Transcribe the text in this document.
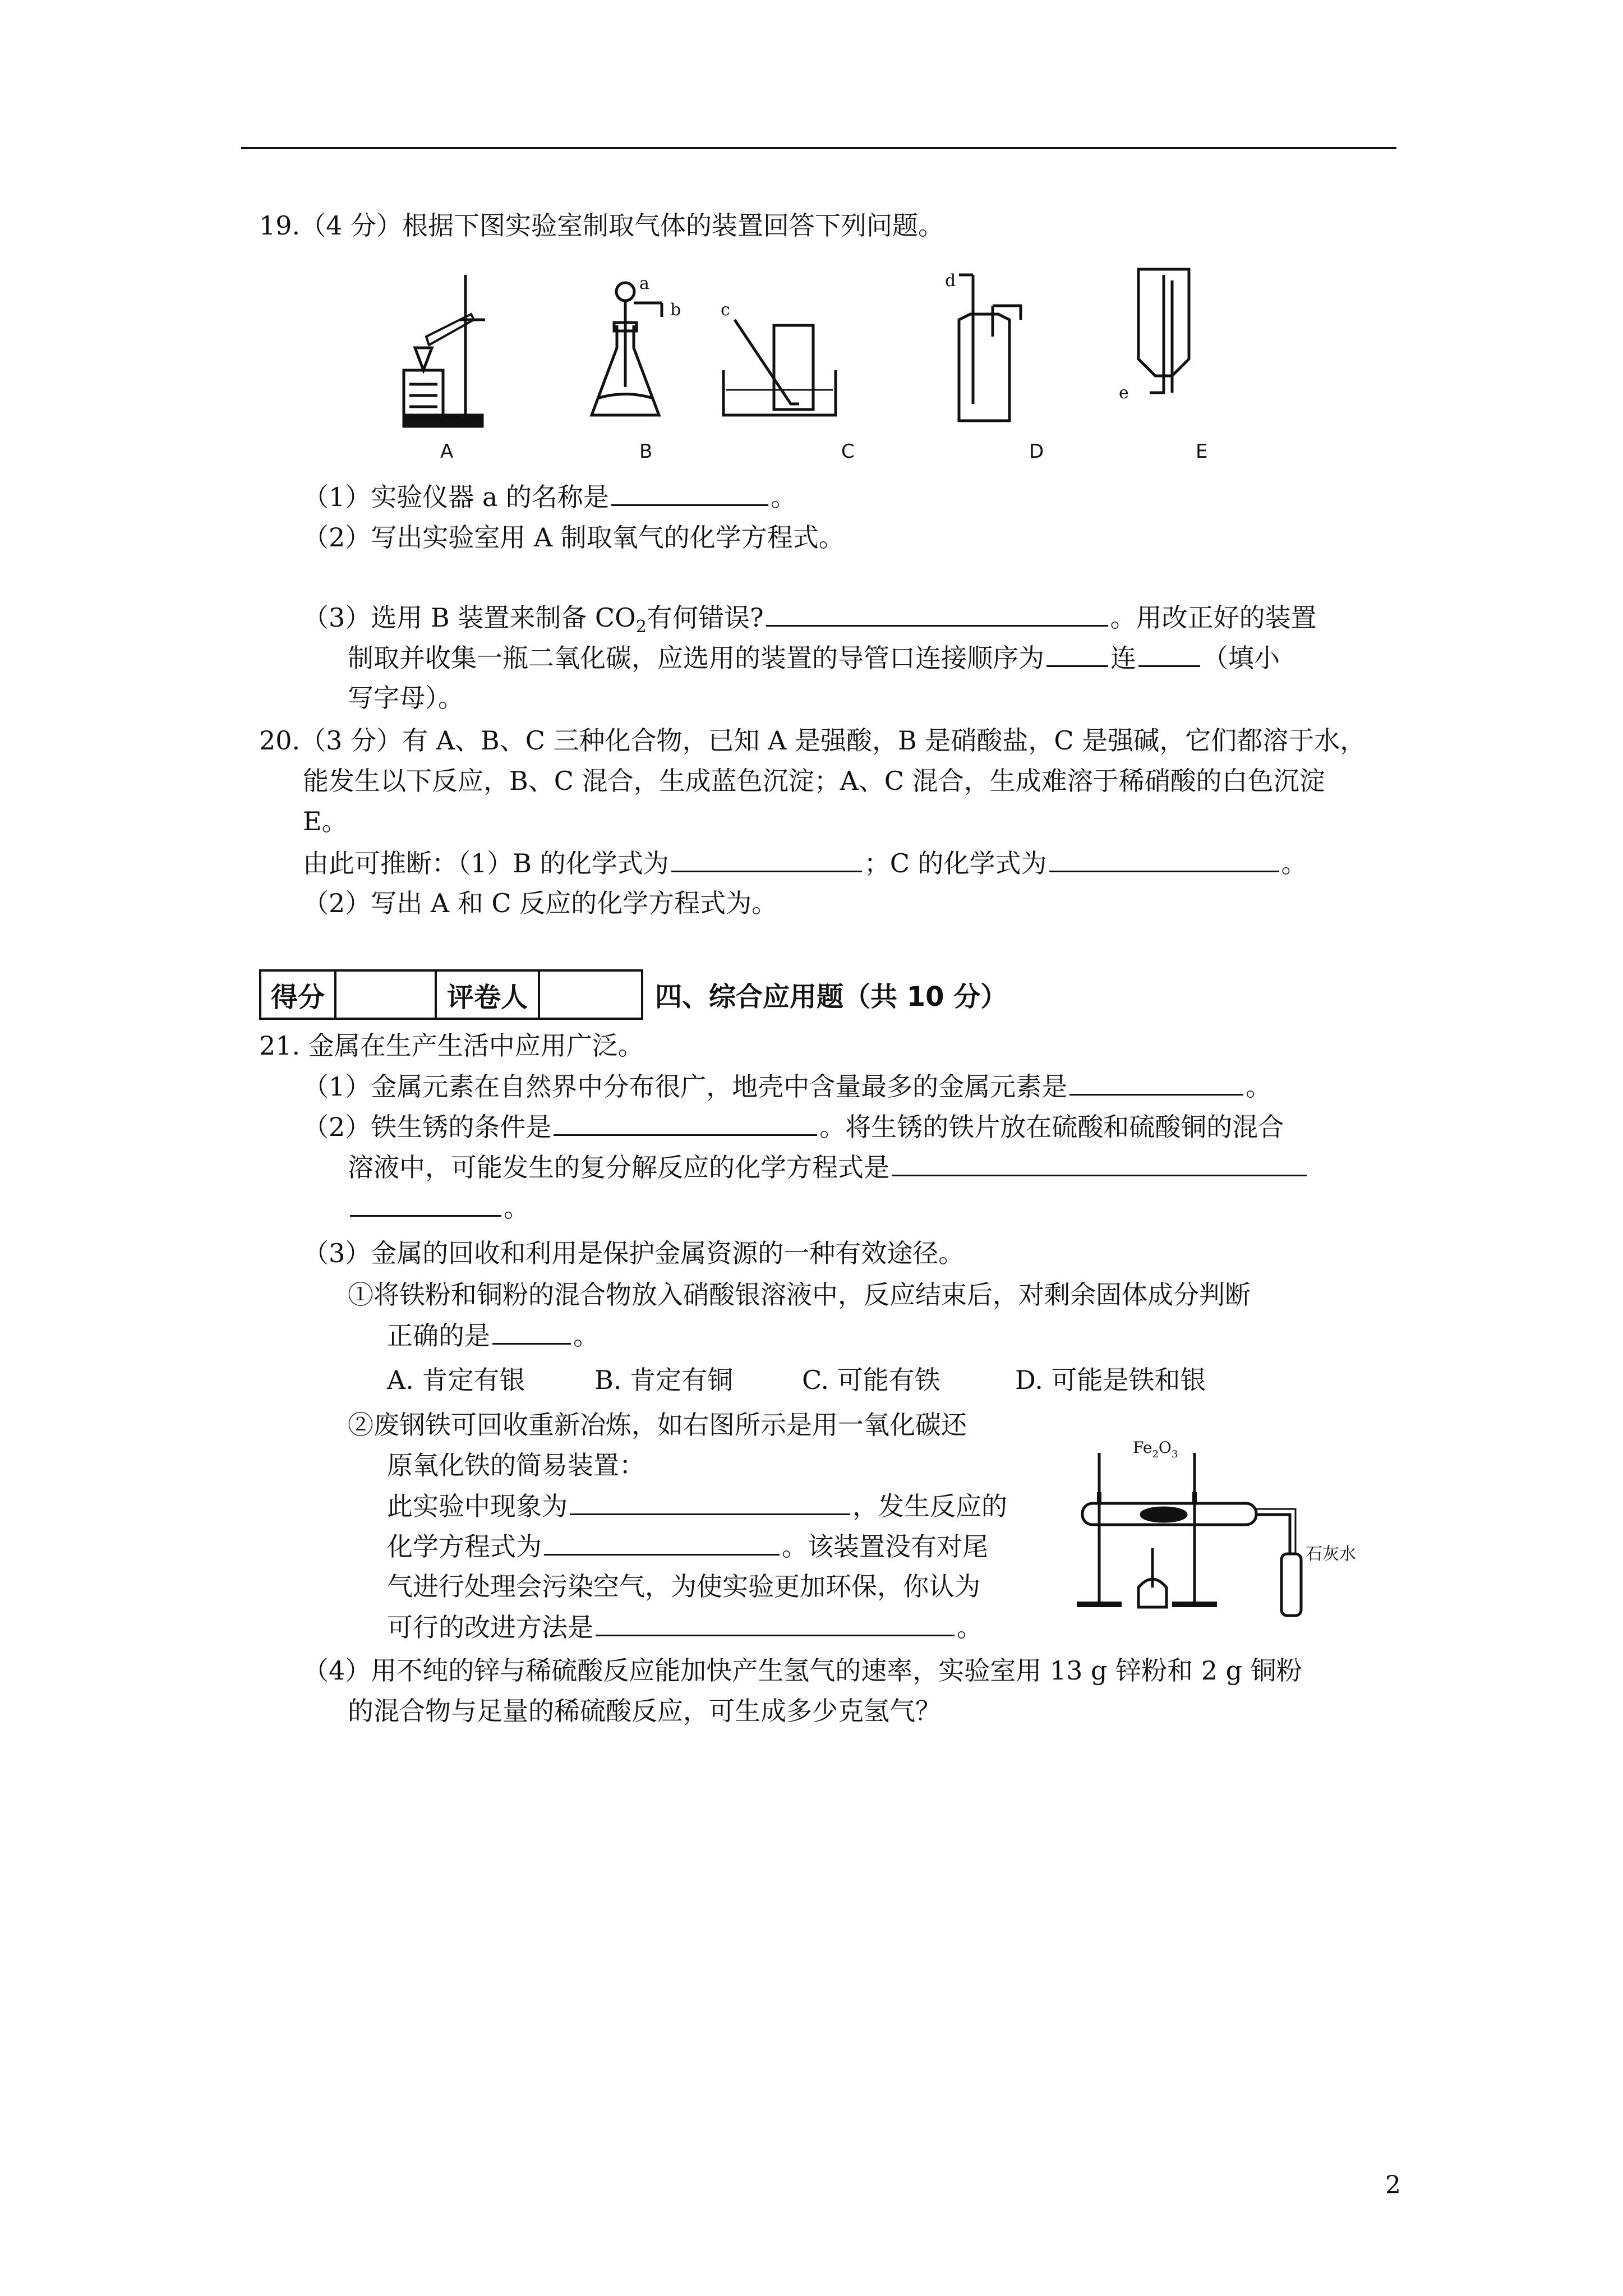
19.（4 分）根据下图实验室制取气体的装置回答下列问题。
a
b c
d
e
A	B	C	D	E
（1）实验仪器 a 的名称是	。
（2）写出实验室用 A 制取氧气的化学方程式。
（3）选用 B 装置来制备 $CO_2$有何错误?	。用改正好的装置
制取并收集一瓶二氧化碳，应选用的装置的导管口连接顺序为	连	（填小
写字母）。
20.（3 分）有 A、B、C 三种化合物，已知 A 是强酸，B 是硝酸盐，C 是强碱，它们都溶于水，
能发生以下反应，B、C 混合，生成蓝色沉淀；A、C 混合，生成难溶于稀硝酸的白色沉淀
E。
由此可推断：（1）B 的化学式为	；C 的化学式为	。
（2）写出 A 和 C 反应的化学方程式为。
得分	评卷人	四、综合应用题（共 10 分）
21. 金属在生产生活中应用广泛。
（1）金属元素在自然界中分布很广，地壳中含量最多的金属元素是	。
（2）铁生锈的条件是	。将生锈的铁片放在硫酸和硫酸铜的混合
溶液中，可能发生的复分解反应的化学方程式是
。
（3）金属的回收和利用是保护金属资源的一种有效途径。
①将铁粉和铜粉的混合物放入硝酸银溶液中，反应结束后，对剩余固体成分判断
正确的是	。
A. 肯定有银	B. 肯定有铜	C. 可能有铁	D. 可能是铁和银
②废钢铁可回收重新冶炼，如右图所示是用一氧化碳还
原氧化铁的简易装置：
此实验中现象为	，发生反应的
化学方程式为	。该装置没有对尾
气进行处理会污染空气，为使实验更加环保，你认为
可行的改进方法是	。
$Fe_2O_3$
石灰水
（4）用不纯的锌与稀硫酸反应能加快产生氢气的速率，实验室用 13 g 锌粉和 2 g 铜粉
的混合物与足量的稀硫酸反应，可生成多少克氢气？
2
